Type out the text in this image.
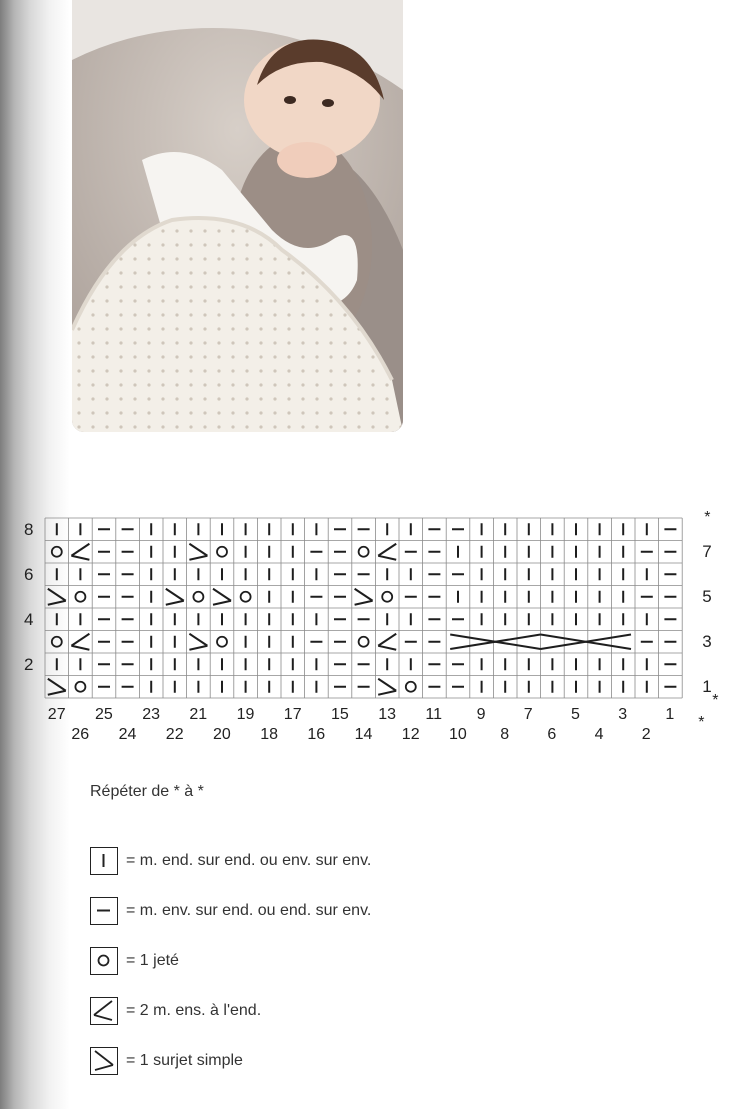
7
5
3
1
8
6
4
2
*
*
*
27 25 23 21 19 17 15 13 11 9 7 5 3 1
26 24 22 20 18 16 14 12 10 8 6 4 2
Répéter de * à *
= m. end. sur end. ou env. sur env.
= m. env. sur end. ou end. sur env.
= 1 jeté
= 2 m. ens. à l'end.
= 1 surjet simple
